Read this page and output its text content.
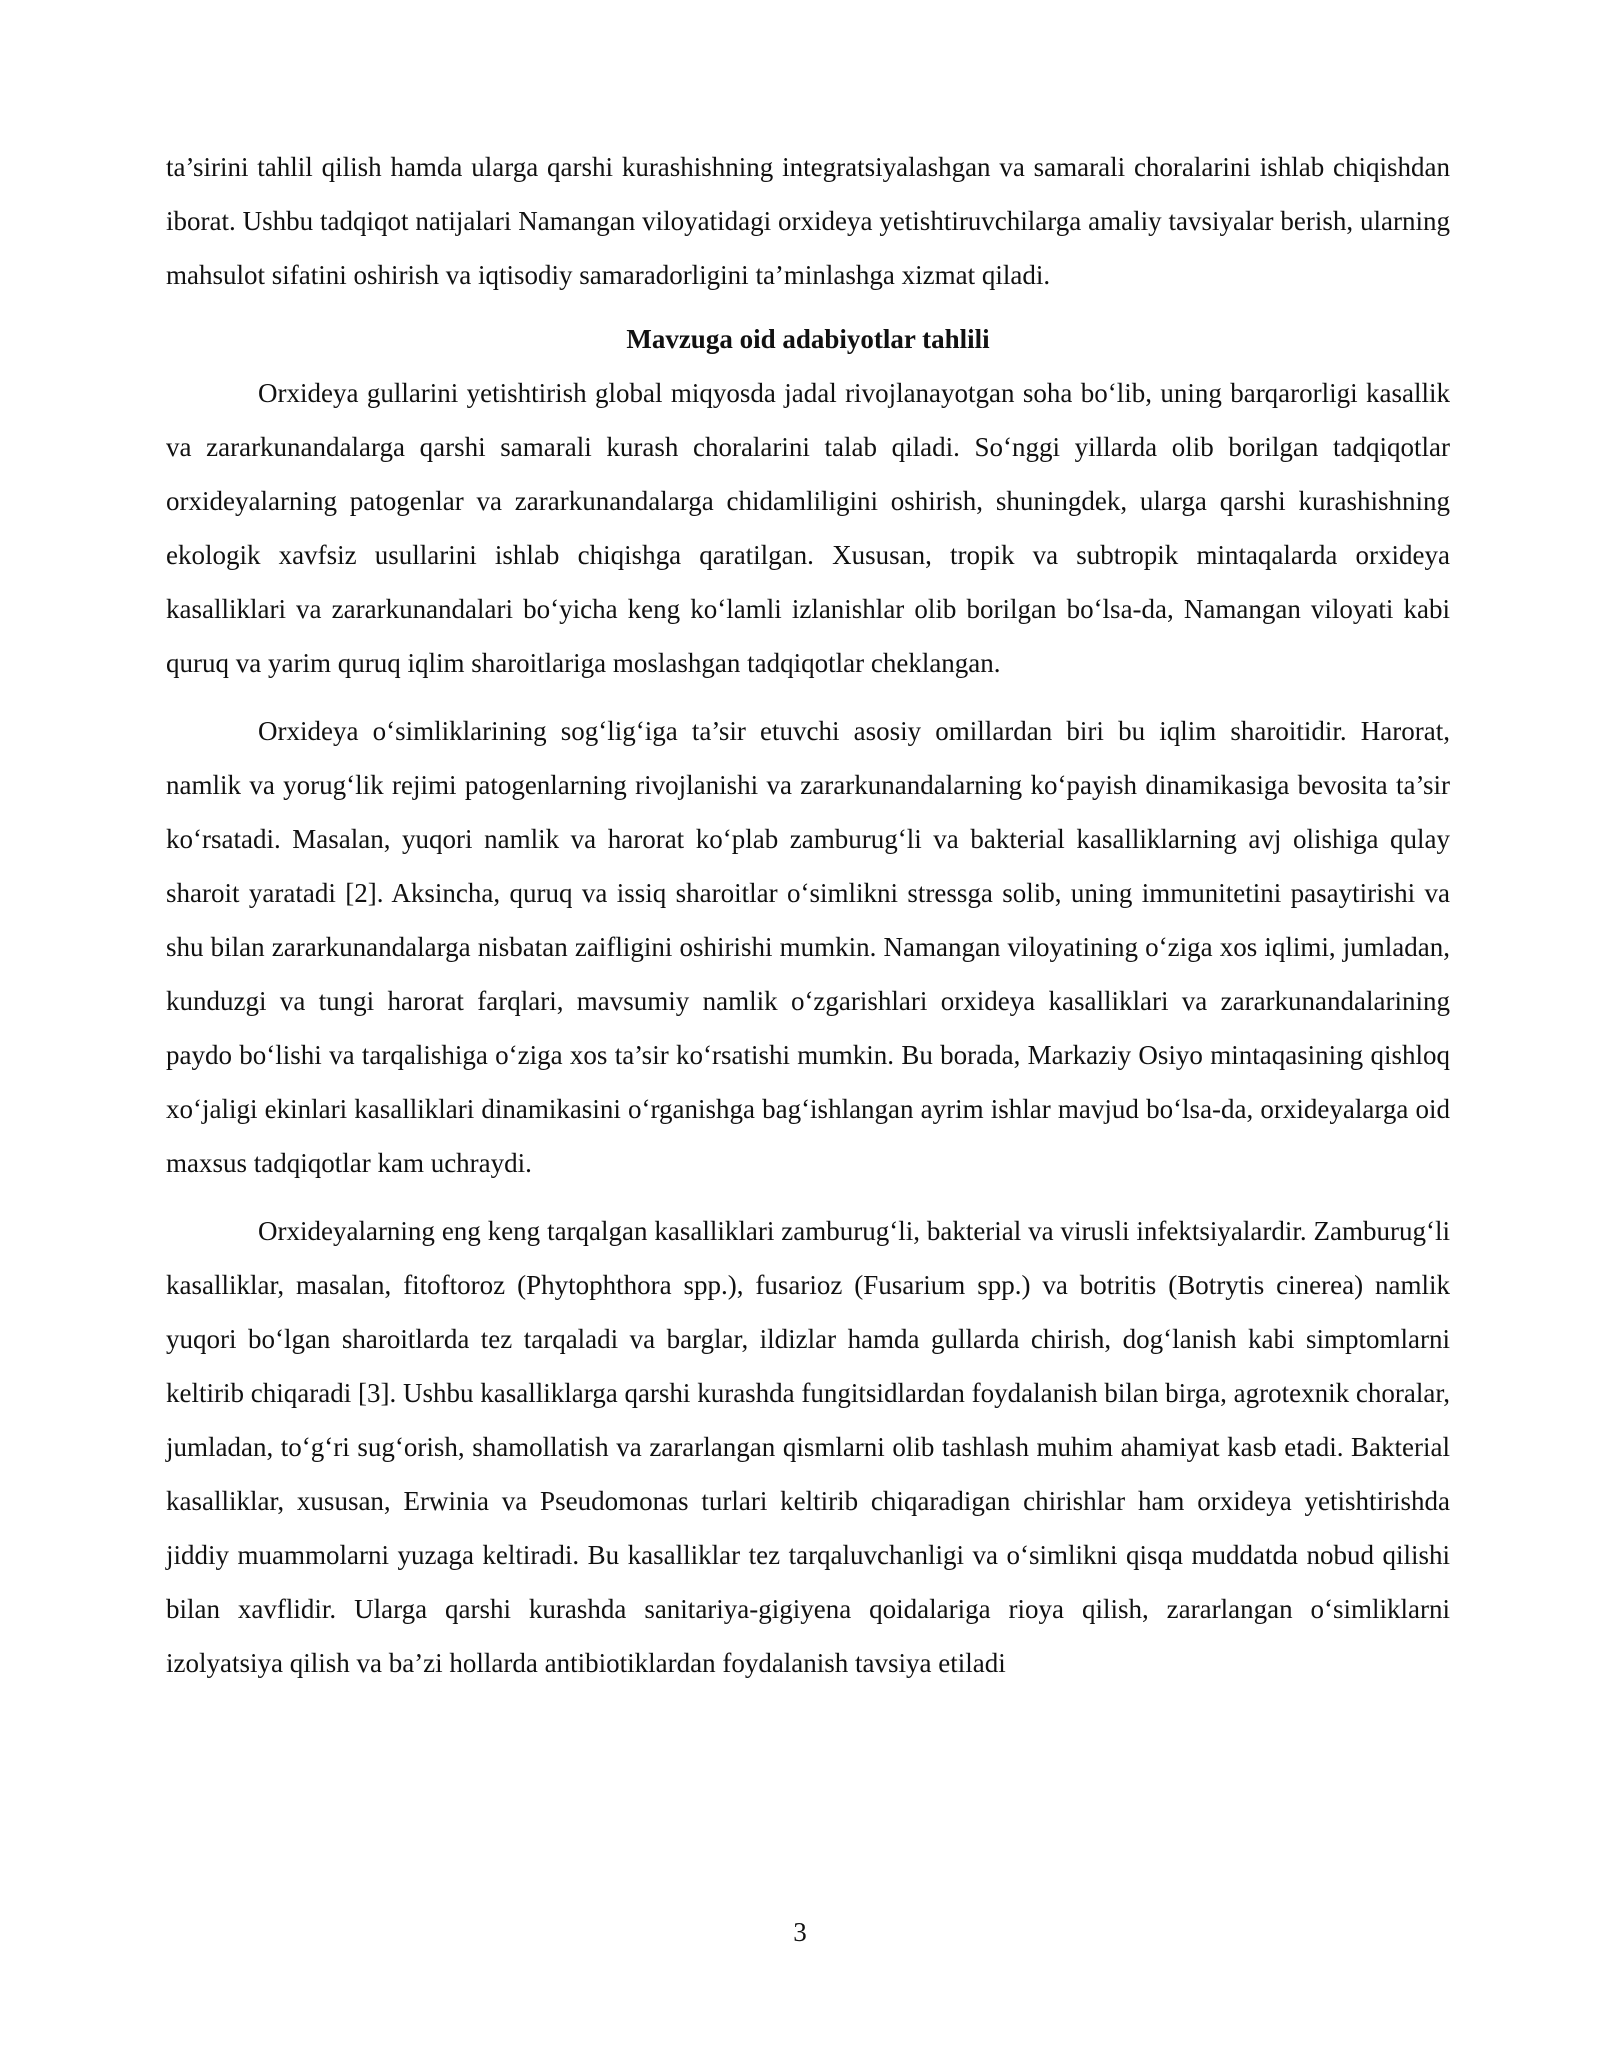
ta’sirini tahlil qilish hamda ularga qarshi kurashishning integratsiyalashgan va samarali choralarini ishlab chiqishdan iborat. Ushbu tadqiqot natijalari Namangan viloyatidagi orxideya yetishtiruvchilarga amaliy tavsiyalar berish, ularning mahsulot sifatini oshirish va iqtisodiy samaradorligini ta’minlashga xizmat qiladi.

Mavzuga oid adabiyotlar tahlili

Orxideya gullarini yetishtirish global miqyosda jadal rivojlanayotgan soha bo‘lib, uning barqarorligi kasallik va zararkunandalarga qarshi samarali kurash choralarini talab qiladi. So‘nggi yillarda olib borilgan tadqiqotlar orxideyalarning patogenlar va zararkunandalarga chidamliligini oshirish, shuningdek, ularga qarshi kurashishning ekologik xavfsiz usullarini ishlab chiqishga qaratilgan. Xususan, tropik va subtropik mintaqalarda orxideya kasalliklari va zararkunandalari bo‘yicha keng ko‘lamli izlanishlar olib borilgan bo‘lsa-da, Namangan viloyati kabi quruq va yarim quruq iqlim sharoitlariga moslashgan tadqiqotlar cheklangan.

Orxideya o‘simliklarining sog‘lig‘iga ta’sir etuvchi asosiy omillardan biri bu iqlim sharoitidir. Harorat, namlik va yorug‘lik rejimi patogenlarning rivojlanishi va zararkunandalarning ko‘payish dinamikasiga bevosita ta’sir ko‘rsatadi. Masalan, yuqori namlik va harorat ko‘plab zamburug‘li va bakterial kasalliklarning avj olishiga qulay sharoit yaratadi [2]. Aksincha, quruq va issiq sharoitlar o‘simlikni stressga solib, uning immunitetini pasaytirishi va shu bilan zararkunandalarga nisbatan zaifligini oshirishi mumkin. Namangan viloyatining o‘ziga xos iqlimi, jumladan, kunduzgi va tungi harorat farqlari, mavsumiy namlik o‘zgarishlari orxideya kasalliklari va zararkunandalarining paydo bo‘lishi va tarqalishiga o‘ziga xos ta’sir ko‘rsatishi mumkin. Bu borada, Markaziy Osiyo mintaqasining qishloq xo‘jaligi ekinlari kasalliklari dinamikasini o‘rganishga bag‘ishlangan ayrim ishlar mavjud bo‘lsa-da, orxideyalarga oid maxsus tadqiqotlar kam uchraydi.

Orxideyalarning eng keng tarqalgan kasalliklari zamburug‘li, bakterial va virusli infektsiyalardir. Zamburug‘li kasalliklar, masalan, fitoftoroz (Phytophthora spp.), fusarioz (Fusarium spp.) va botritis (Botrytis cinerea) namlik yuqori bo‘lgan sharoitlarda tez tarqaladi va barglar, ildizlar hamda gullarda chirish, dog‘lanish kabi simptomlarni keltirib chiqaradi [3]. Ushbu kasalliklarga qarshi kurashda fungitsidlardan foydalanish bilan birga, agrotexnik choralar, jumladan, to‘g‘ri sug‘orish, shamollatish va zararlangan qismlarni olib tashlash muhim ahamiyat kasb etadi. Bakterial kasalliklar, xususan, Erwinia va Pseudomonas turlari keltirib chiqaradigan chirishlar ham orxideya yetishtirishda jiddiy muammolarni yuzaga keltiradi. Bu kasalliklar tez tarqaluvchanligi va o‘simlikni qisqa muddatda nobud qilishi bilan xavflidir. Ularga qarshi kurashda sanitariya-gigiyena qoidalariga rioya qilish, zararlangan o‘simliklarni izolyatsiya qilish va ba’zi hollarda antibiotiklardan foydalanish tavsiya etiladi

3
